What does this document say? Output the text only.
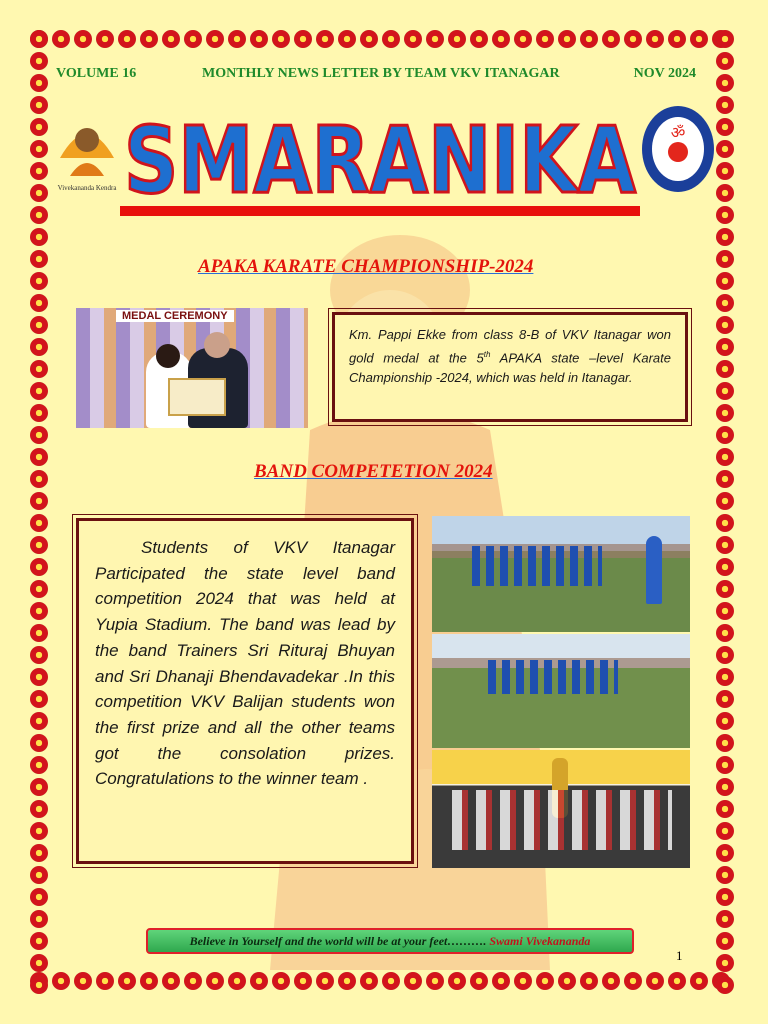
VOLUME 16	MONTHLY NEWS LETTER BY TEAM VKV ITANAGAR	NOV 2024
Vivekananda Kendra SMARANIKA ॐ
APAKA KARATE CHAMPIONSHIP-2024
MEDAL CEREMONY

Km. Pappi Ekke from class 8-B of VKV Itanagar won gold medal at the 5th APAKA state –level Karate Championship -2024, which was held in Itanagar.

BAND COMPETETION 2024

Students of VKV Itanagar Participated the state level band competition 2024 that was held at Yupia Stadium. The band was lead by the band Trainers Sri Rituraj Bhuyan and Sri Dhanaji Bhendavadekar .In this competition VKV Balijan students won the first prize and all the other teams got the consolation prizes. Congratulations to the winner team .

Believe in Yourself and the world will be at your feet………. Swami Vivekananda
1
